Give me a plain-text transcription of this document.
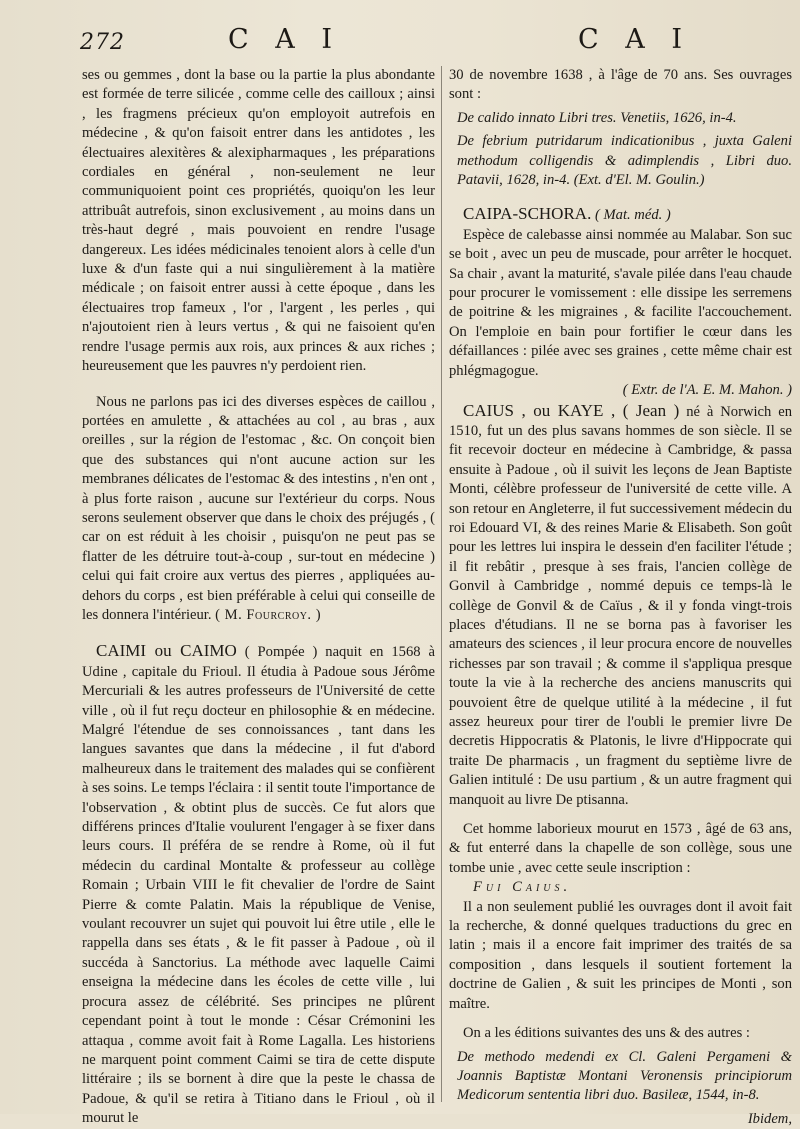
272	C A I	C A I

ses ou gemmes , dont la base ou la partie la plus abondante est formée de terre silicée , comme celle des cailloux ; ainsi , les fragmens précieux qu'on employoit autrefois en médecine , & qu'on faisoit entrer dans les antidotes , les électuaires alexitères & alexipharmaques , les préparations cordiales en général , non-seulement ne leur communiquoient point ces propriétés, quoiqu'on les leur attribuât autrefois, sinon exclusivement , au moins dans un très-haut degré , mais pouvoient en rendre l'usage dangereux. Les idées médicinales tenoient alors à celle d'un luxe & d'un faste qui a nui singulièrement à la matière médicale ; on faisoit entrer aussi à cette époque , dans les électuaires trop fameux , l'or , l'argent , les perles , qui n'ajoutoient rien à leurs vertus , & qui ne faisoient qu'en rendre l'usage permis aux rois, aux princes & aux riches ; heureusement que les pauvres n'y perdoient rien.

Nous ne parlons pas ici des diverses espèces de caillou , portées en amulette , & attachées au col , au bras , aux oreilles , sur la région de l'estomac , &c. On conçoit bien que des substances qui n'ont aucune action sur les membranes délicates de l'estomac & des intestins , n'en ont , à plus forte raison , aucune sur l'extérieur du corps. Nous serons seulement observer que dans le choix des préjugés , ( car on est réduit à les choisir , puisqu'on ne peut pas se flatter de les détruire tout-à-coup , sur-tout en médecine ) celui qui fait croire aux vertus des pierres , appliquées au-dehors du corps , est bien préférable à celui qui conseille de les donnera l'intérieur. ( M. Fourcroy. )

CAIMI ou CAIMO ( Pompée ) naquit en 1568 à Udine , capitale du Frioul. Il étudia à Padoue sous Jérôme Mercuriali & les autres professeurs de l'Université de cette ville , où il fut reçu docteur en philosophie & en médecine. Malgré l'étendue de ses connoissances , tant dans les langues savantes que dans la médecine , il fut d'abord malheureux dans le traitement des malades qui se confièrent à ses soins. Le temps l'éclaira : il sentit toute l'importance de l'observation , & obtint plus de succès. Ce fut alors que différens princes d'Italie voulurent l'engager à se fixer dans leurs cours. Il préféra de se rendre à Rome, où il fut médecin du cardinal Montalte & professeur au collège Romain ; Urbain VIII le fit chevalier de l'ordre de Saint Pierre & comte Palatin. Mais la république de Venise, voulant recouvrer un sujet qui pouvoit lui être utile , elle le rappella dans ses états , & le fit passer à Padoue , où il succéda à Sanctorius. La méthode avec laquelle Caimi enseigna la médecine dans les écoles de cette ville , lui procura assez de célébrité. Ses principes ne plûrent cependant point à tout le monde : César Crémonini les attaqua , comme avoit fait à Rome Lagalla. Les historiens ne marquent point comment Caimi se tira de cette dispute littéraire ; ils se bornent à dire que la peste le chassa de Padoue, & qu'il se retira à Titiano dans le Frioul , où il mourut le

30 de novembre 1638 , à l'âge de 70 ans. Ses ouvrages sont :

De calido innato Libri tres. Venetiis, 1626, in-4.

De febrium putridarum indicationibus , juxta Galeni methodum colligendis & adimplendis , Libri duo. Patavii, 1628, in-4. (Ext. d'El. M. Goulin.)

CAIPA-SCHORA. ( Mat. méd. )

Espèce de calebasse ainsi nommée au Malabar. Son suc se boit , avec un peu de muscade, pour arrêter le hocquet. Sa chair , avant la maturité, s'avale pilée dans l'eau chaude pour procurer le vomissement : elle dissipe les serremens de poitrine & les migraines , & facilite l'accouchement. On l'emploie en bain pour fortifier le cœur dans les défaillances : pilée avec ses graines , cette même chair est phlégmagogue.

( Extr. de l'A. E. M. Mahon. )

CAIUS , ou KAYE , ( Jean ) né à Norwich en 1510, fut un des plus savans hommes de son siècle. Il se fit recevoir docteur en médecine à Cambridge, & passa ensuite à Padoue , où il suivit les leçons de Jean Baptiste Monti, célèbre professeur de l'université de cette ville. A son retour en Angleterre, il fut successivement médecin du roi Edouard VI, & des reines Marie & Elisabeth. Son goût pour les lettres lui inspira le dessein d'en faciliter l'étude ; il fit rebâtir , presque à ses frais, l'ancien collège de Gonvil à Cambridge , nommé depuis ce temps-là le collège de Gonvil & de Caïus , & il y fonda vingt-trois places d'étudians. Il ne se borna pas à favoriser les amateurs des sciences , il leur procura encore de nouvelles richesses par son travail ; & comme il s'appliqua presque toute la vie à la recherche des anciens manuscrits qui pouvoient être de quelque utilité à la médecine , il fut assez heureux pour tirer de l'oubli le premier livre De decretis Hippocratis & Platonis, le livre d'Hippocrate qui traite De pharmacis , un fragment du septième livre de Galien intitulé : De usu partium , & un autre fragment qui manquoit au livre De ptisanna.

Cet homme laborieux mourut en 1573 , âgé de 63 ans, & fut enterré dans la chapelle de son collège, sous une tombe unie , avec cette seule inscription :

Fui Caius.

Il a non seulement publié les ouvrages dont il avoit fait la recherche, & donné quelques traductions du grec en latin ; mais il a encore fait imprimer des traités de sa composition , dans lesquels il soutient fortement la doctrine de Galien , & suit les principes de Monti , son maître.

On a les éditions suivantes des uns & des autres :

De methodo medendi ex Cl. Galeni Pergameni & Joannis Baptistæ Montani Veronensis principiorum Medicorum sententia libri duo. Basileæ, 1544, in-8.

Ibidem,
